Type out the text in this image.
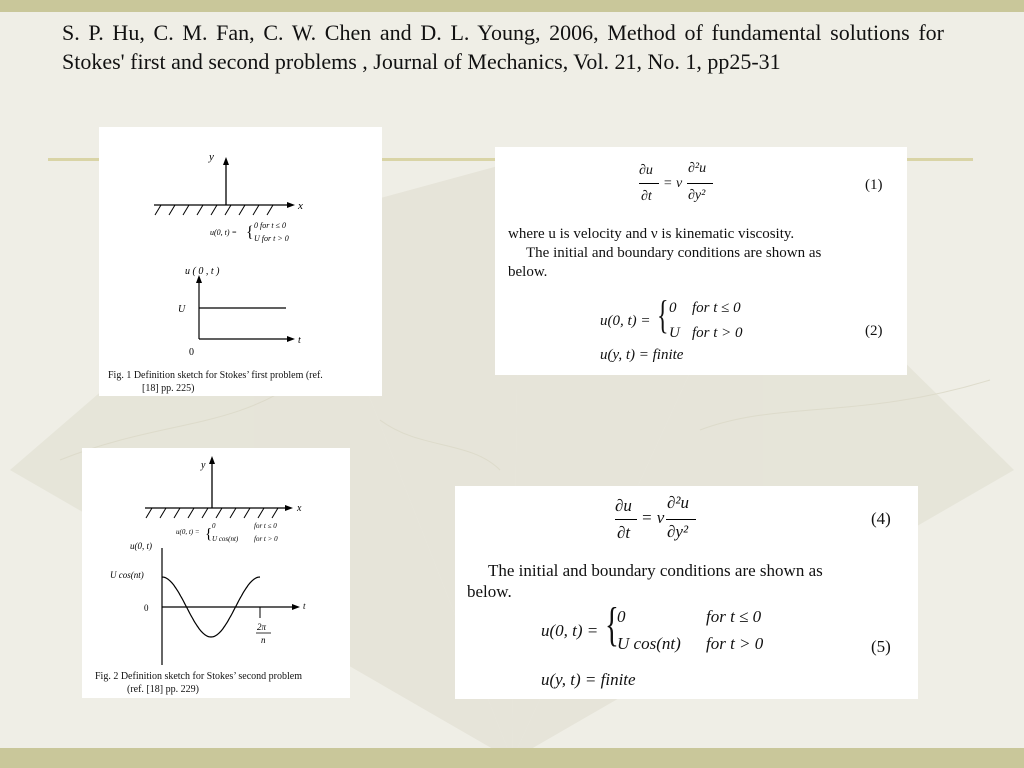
S. P. Hu, C. M. Fan, C. W. Chen and D. L. Young, 2006, Method of fundamental solutions for Stokes' first and second problems , Journal of Mechanics, Vol. 21, No. 1, pp25-31
y
x
u(0, t) = { 0 for t ≤ 0
U for t > 0
u ( 0 , t )
U
0
t
Fig. 1 Definition sketch for Stokes’ first problem (ref.
[18] pp. 225)
∂u
∂t
= ν
∂²u
∂y²
(1)
where u is velocity and ν is kinematic viscosity.
The initial and boundary conditions are shown as
below.
u(0, t) = { 0 for t ≤ 0
U for t > 0
u(y, t) = finite
(2)
y
x
u(0, t) = { 0	for t ≤ 0
U cos(nt) for t > 0
u(0, t)
U cos(nt)
0	t
2π
n
Fig. 2 Definition sketch for Stokes’ second problem
(ref. [18] pp. 229)
∂u
∂t
= ν
∂²u
∂y²
(4)
The initial and boundary conditions are shown as
below.
u(0, t) = {
0	for t ≤ 0
U cos(nt) for t > 0
u(y, t) = finite
(5)
